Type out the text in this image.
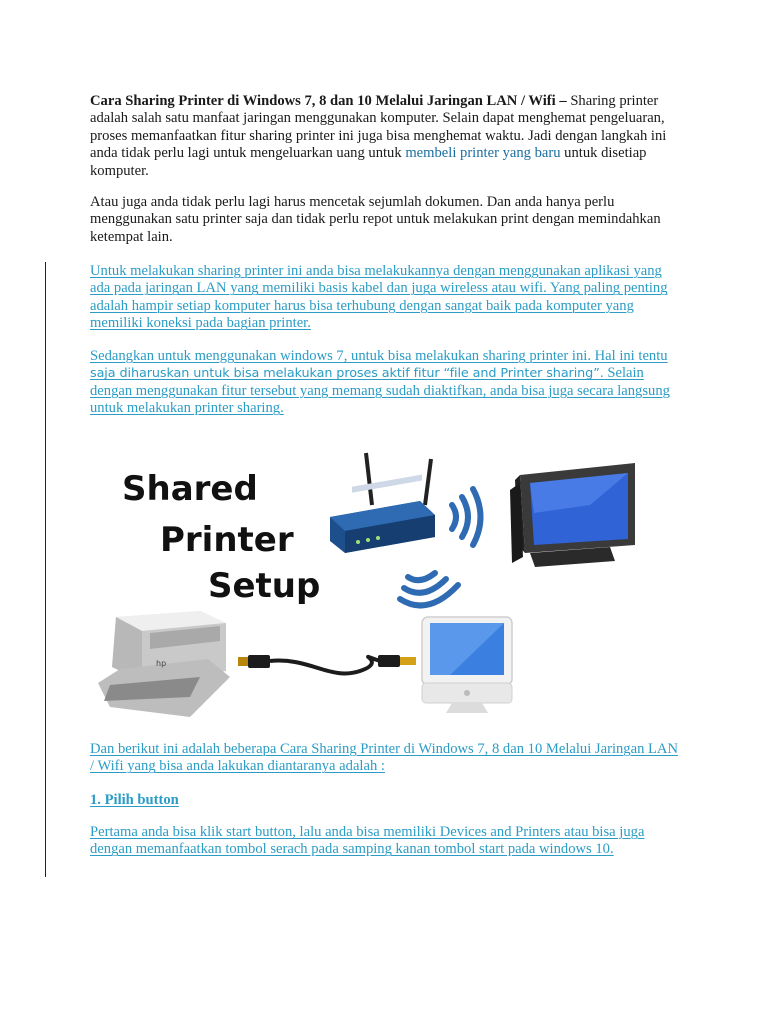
Cara Sharing Printer di Windows 7, 8 dan 10 Melalui Jaringan LAN / Wifi – Sharing printer adalah salah satu manfaat jaringan menggunakan komputer. Selain dapat menghemat pengeluaran, proses memanfaatkan fitur sharing printer ini juga bisa menghemat waktu. Jadi dengan langkah ini anda tidak perlu lagi untuk mengeluarkan uang untuk membeli printer yang baru untuk disetiap komputer.

Atau juga anda tidak perlu lagi harus mencetak sejumlah dokumen. Dan anda hanya perlu menggunakan satu printer saja dan tidak perlu repot untuk melakukan print dengan memindahkan ketempat lain.

Untuk melakukan sharing printer ini anda bisa melakukannya dengan menggunakan aplikasi yang ada pada jaringan LAN yang memiliki basis kabel dan juga wireless atau wifi. Yang paling penting adalah hampir setiap komputer harus bisa terhubung dengan sangat baik pada komputer yang memiliki koneksi pada bagian printer.

Sedangkan untuk menggunakan windows 7, untuk bisa melakukan sharing printer ini. Hal ini tentu saja diharuskan untuk bisa melakukan proses aktif fitur “file and Printer sharing”. Selain dengan menggunakan fitur tersebut yang memang sudah diaktifkan, anda bisa juga secara langsung untuk melakukan printer sharing.

Dan berikut ini adalah beberapa Cara Sharing Printer di Windows 7, 8 dan 10 Melalui Jaringan LAN / Wifi yang bisa anda lakukan diantaranya adalah :

1. Pilih button

Pertama anda bisa klik start button, lalu anda bisa memiliki Devices and Printers atau bisa juga dengan memanfaatkan tombol serach pada samping kanan tombol start pada windows 10.

Shared
Printer
Setup
hp
